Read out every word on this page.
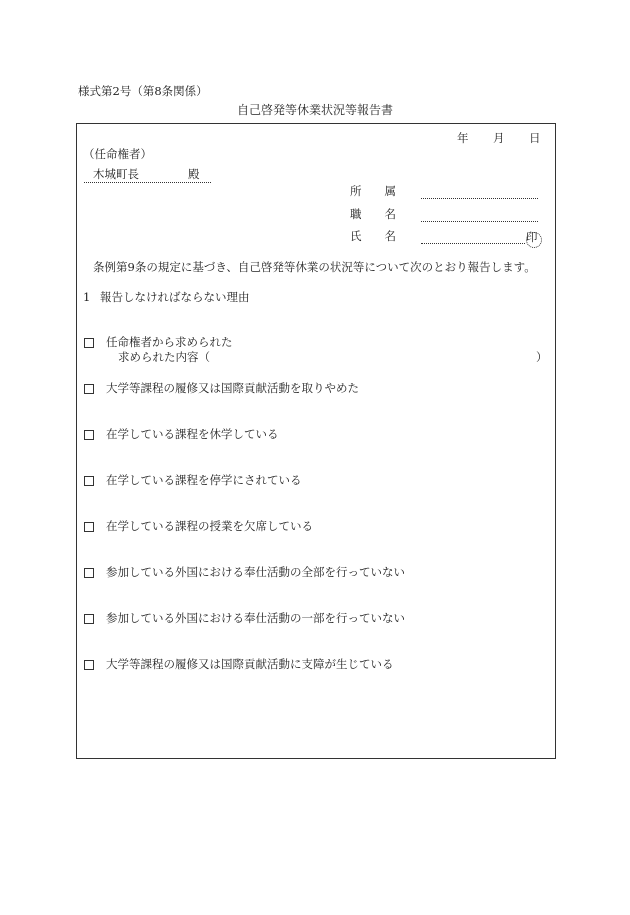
様式第2号（第8条関係）
自己啓発等休業状況等報告書
年 月 日
（任命権者）
木城町長	殿
所　　属
職　　名
氏　　名	印
条例第9条の規定に基づき、自己啓発等休業の状況等について次のとおり報告します。
1 報告しなければならない理由
任命権者から求められた
求められた内容（	）
大学等課程の履修又は国際貢献活動を取りやめた
在学している課程を休学している
在学している課程を停学にされている
在学している課程の授業を欠席している
参加している外国における奉仕活動の全部を行っていない
参加している外国における奉仕活動の一部を行っていない
大学等課程の履修又は国際貢献活動に支障が生じている
